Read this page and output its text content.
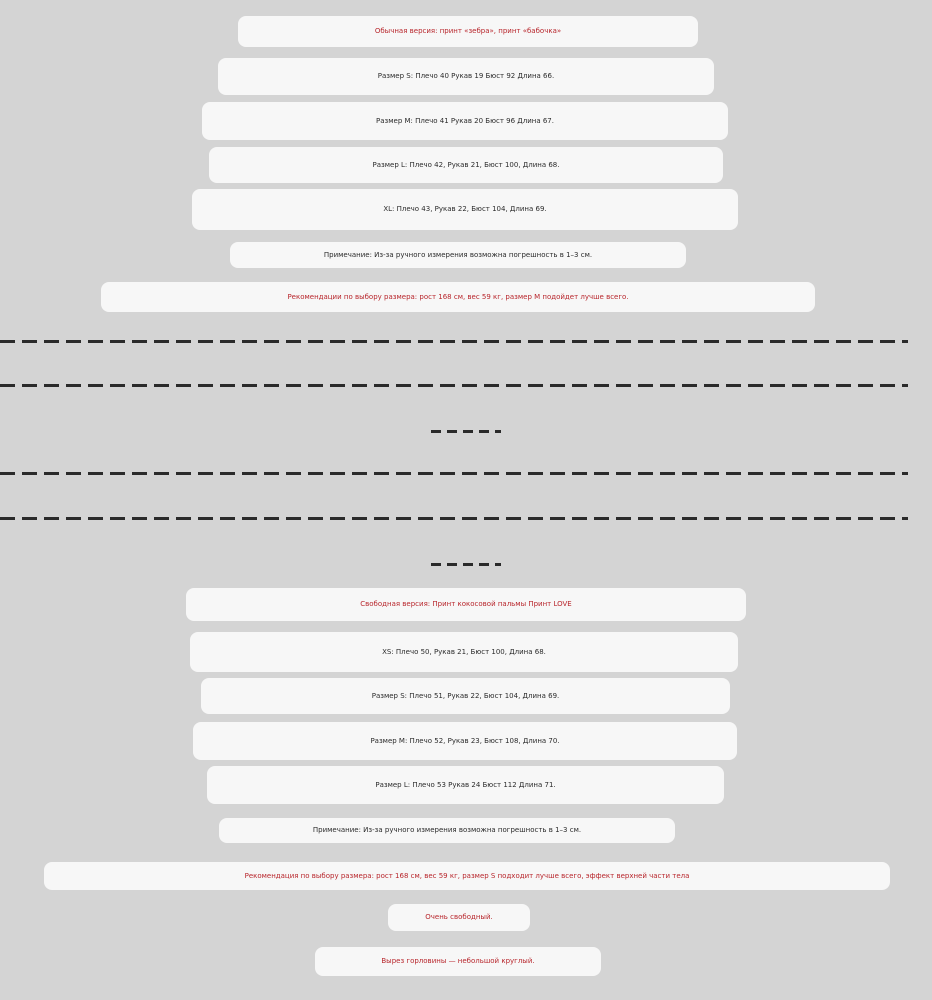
Обычная версия: принт «зебра», принт «бабочка»
Размер S: Плечо 40 Рукав 19 Бюст 92 Длина 66.
Размер M: Плечо 41 Рукав 20 Бюст 96 Длина 67.
Размер L: Плечо 42, Рукав 21, Бюст 100, Длина 68.
XL: Плечо 43, Рукав 22, Бюст 104, Длина 69.
Примечание: Из-за ручного измерения возможна погрешность в 1–3 см.
Рекомендации по выбору размера: рост 168 см, вес 59 кг, размер M подойдет лучше всего.
Свободная версия: Принт кокосовой пальмы Принт LOVE
XS: Плечо 50, Рукав 21, Бюст 100, Длина 68.
Размер S: Плечо 51, Рукав 22, Бюст 104, Длина 69.
Размер M: Плечо 52, Рукав 23, Бюст 108, Длина 70.
Размер L: Плечо 53 Рукав 24 Бюст 112 Длина 71.
Примечание: Из-за ручного измерения возможна погрешность в 1–3 см.
Рекомендация по выбору размера: рост 168 см, вес 59 кг, размер S подходит лучше всего, эффект верхней части тела
Очень свободный.
Вырез горловины — небольшой круглый.
